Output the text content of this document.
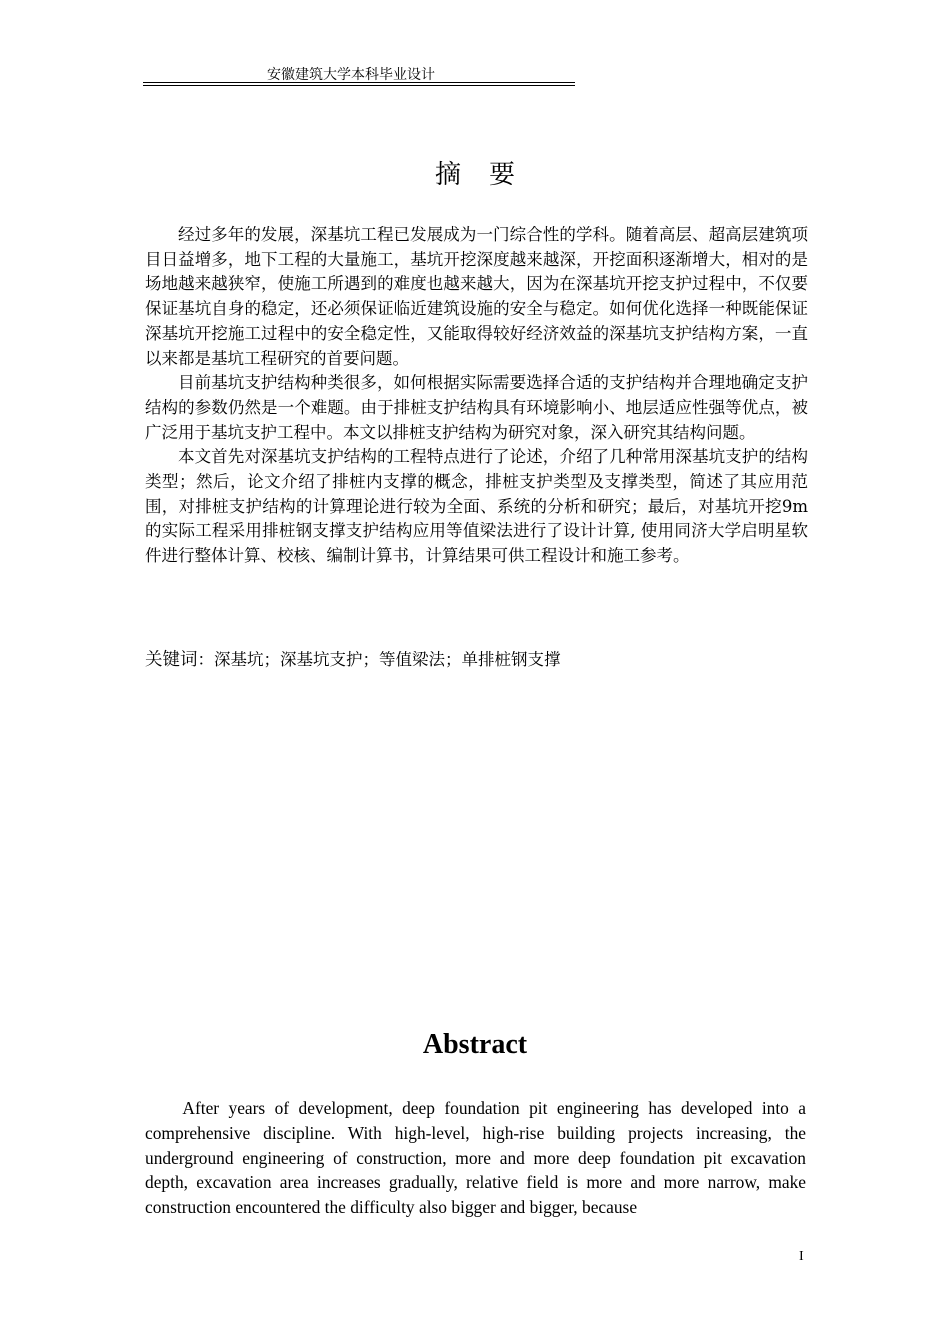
安徽建筑大学本科毕业设计
摘要

经过多年的发展，深基坑工程已发展成为一门综合性的学科。随着高层、超高层建筑项目日益增多，地下工程的大量施工，基坑开挖深度越来越深，开挖面积逐渐增大，相对的是场地越来越狭窄，使施工所遇到的难度也越来越大，因为在深基坑开挖支护过程中，不仅要保证基坑自身的稳定，还必须保证临近建筑设施的安全与稳定。如何优化选择一种既能保证深基坑开挖施工过程中的安全稳定性，又能取得较好经济效益的深基坑支护结构方案，一直以来都是基坑工程研究的首要问题。

目前基坑支护结构种类很多，如何根据实际需要选择合适的支护结构并合理地确定支护结构的参数仍然是一个难题。由于排桩支护结构具有环境影响小、地层适应性强等优点，被广泛用于基坑支护工程中。本文以排桩支护结构为研究对象，深入研究其结构问题。

本文首先对深基坑支护结构的工程特点进行了论述，介绍了几种常用深基坑支护的结构类型；然后，论文介绍了排桩内支撑的概念，排桩支护类型及支撑类型，简述了其应用范围，对排桩支护结构的计算理论进行较为全面、系统的分析和研究；最后，对基坑开挖9m的实际工程采用排桩钢支撑支护结构应用等值梁法进行了设计计算, 使用同济大学启明星软件进行整体计算、校核、编制计算书，计算结果可供工程设计和施工参考。

关键词：深基坑；深基坑支护；等值梁法；单排桩钢支撑
Abstract

After years of development, deep foundation pit engineering has developed into a comprehensive discipline. With high-level, high-rise building projects increasing, the underground engineering of construction, more and more deep foundation pit excavation depth, excavation area increases gradually, relative field is more and more narrow, make construction encountered the difficulty also bigger and bigger, because

I
